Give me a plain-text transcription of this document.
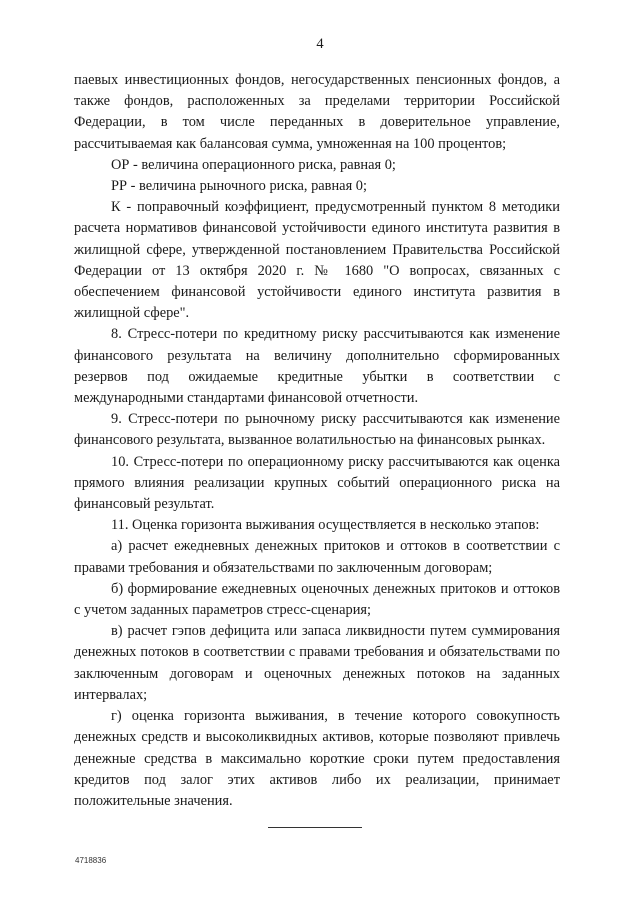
4

паевых инвестиционных фондов, негосударственных пенсионных фондов, а также фондов, расположенных за пределами территории Российской Федерации, в том числе переданных в доверительное управление, рассчитываемая как балансовая сумма, умноженная на 100 процентов;

ОР - величина операционного риска, равная 0;

РР - величина рыночного риска, равная 0;

К - поправочный коэффициент, предусмотренный пунктом 8 методики расчета нормативов финансовой устойчивости единого института развития в жилищной сфере, утвержденной постановлением Правительства Российской Федерации от 13 октября 2020 г. № 1680 "О вопросах, связанных с обеспечением финансовой устойчивости единого института развития в жилищной сфере".

8. Стресс-потери по кредитному риску рассчитываются как изменение финансового результата на величину дополнительно сформированных резервов под ожидаемые кредитные убытки в соответствии с международными стандартами финансовой отчетности.

9. Стресс-потери по рыночному риску рассчитываются как изменение финансового результата, вызванное волатильностью на финансовых рынках.

10. Стресс-потери по операционному риску рассчитываются как оценка прямого влияния реализации крупных событий операционного риска на финансовый результат.

11. Оценка горизонта выживания осуществляется в несколько этапов:

а) расчет ежедневных денежных притоков и оттоков в соответствии с правами требования и обязательствами по заключенным договорам;

б) формирование ежедневных оценочных денежных притоков и оттоков с учетом заданных параметров стресс-сценария;

в) расчет гэпов дефицита или запаса ликвидности путем суммирования денежных потоков в соответствии с правами требования и обязательствами по заключенным договорам и оценочных денежных потоков на заданных интервалах;

г) оценка горизонта выживания, в течение которого совокупность денежных средств и высоколиквидных активов, которые позволяют привлечь денежные средства в максимально короткие сроки путем предоставления кредитов под залог этих активов либо их реализации, принимает положительные значения.

4718836
